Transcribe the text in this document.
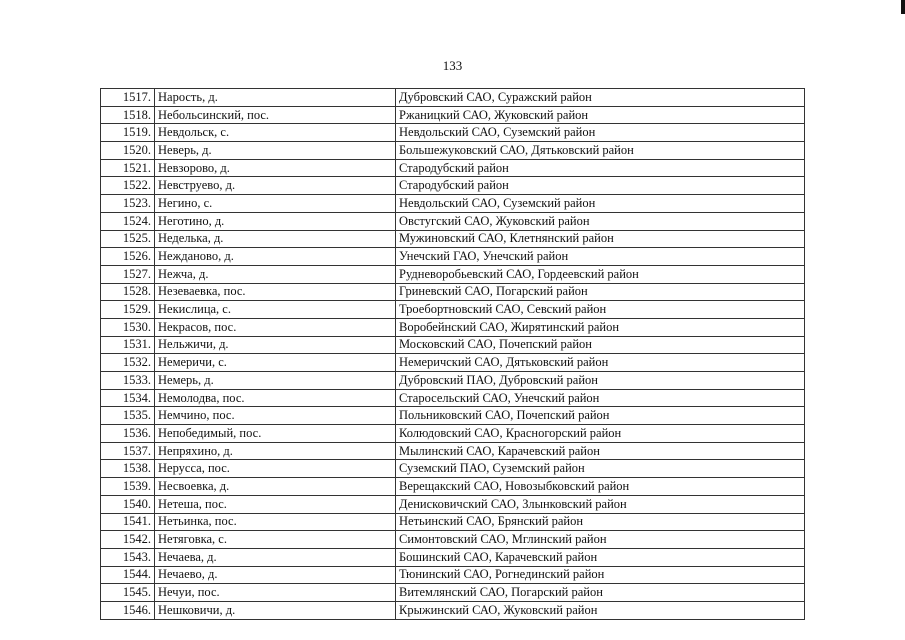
133
1517.	Нарость, д.	Дубровский САО, Суражский район
1518.	Небольсинский, пос.	Ржаницкий САО, Жуковский район
1519.	Невдольск, с.	Невдольский САО, Суземский район
1520.	Неверь, д.	Большежуковский САО, Дятьковский район
1521.	Невзорово, д.	Стародубский район
1522.	Невструево, д.	Стародубский район
1523.	Негино, с.	Невдольский САО, Суземский район
1524.	Неготино, д.	Овстугский САО, Жуковский район
1525.	Неделька, д.	Мужиновский САО, Клетнянский район
1526.	Нежданово, д.	Унечский ГАО, Унечский район
1527.	Нежча, д.	Рудневоробьевский САО, Гордеевский район
1528.	Незеваевка, пос.	Гриневский САО, Погарский район
1529.	Некислица, с.	Троебортновский САО, Севский район
1530.	Некрасов, пос.	Воробейнский САО, Жирятинский район
1531.	Нельжичи, д.	Московский САО, Почепский район
1532.	Немеричи, с.	Немеричский САО, Дятьковский район
1533.	Немерь, д.	Дубровский ПАО, Дубровский район
1534.	Немолодва, пос.	Старосельский САО, Унечский район
1535.	Немчино, пос.	Польниковский САО, Почепский район
1536.	Непобедимый, пос.	Колюдовский САО, Красногорский район
1537.	Непряхино, д.	Мылинский САО, Карачевский район
1538.	Нерусса, пос.	Суземский ПАО, Суземский район
1539.	Несвоевка, д.	Верещакский САО, Новозыбковский район
1540.	Нетеша, пос.	Денисковичский САО, Злынковский район
1541.	Нетьинка, пос.	Нетьинский САО, Брянский район
1542.	Нетяговка, с.	Симонтовский САО, Мглинский район
1543.	Нечаева, д.	Бошинский САО, Карачевский район
1544.	Нечаево, д.	Тюнинский САО, Рогнединский район
1545.	Нечуи, пос.	Витемлянский САО, Погарский район
1546.	Нешковичи, д.	Крыжинский САО, Жуковский район
